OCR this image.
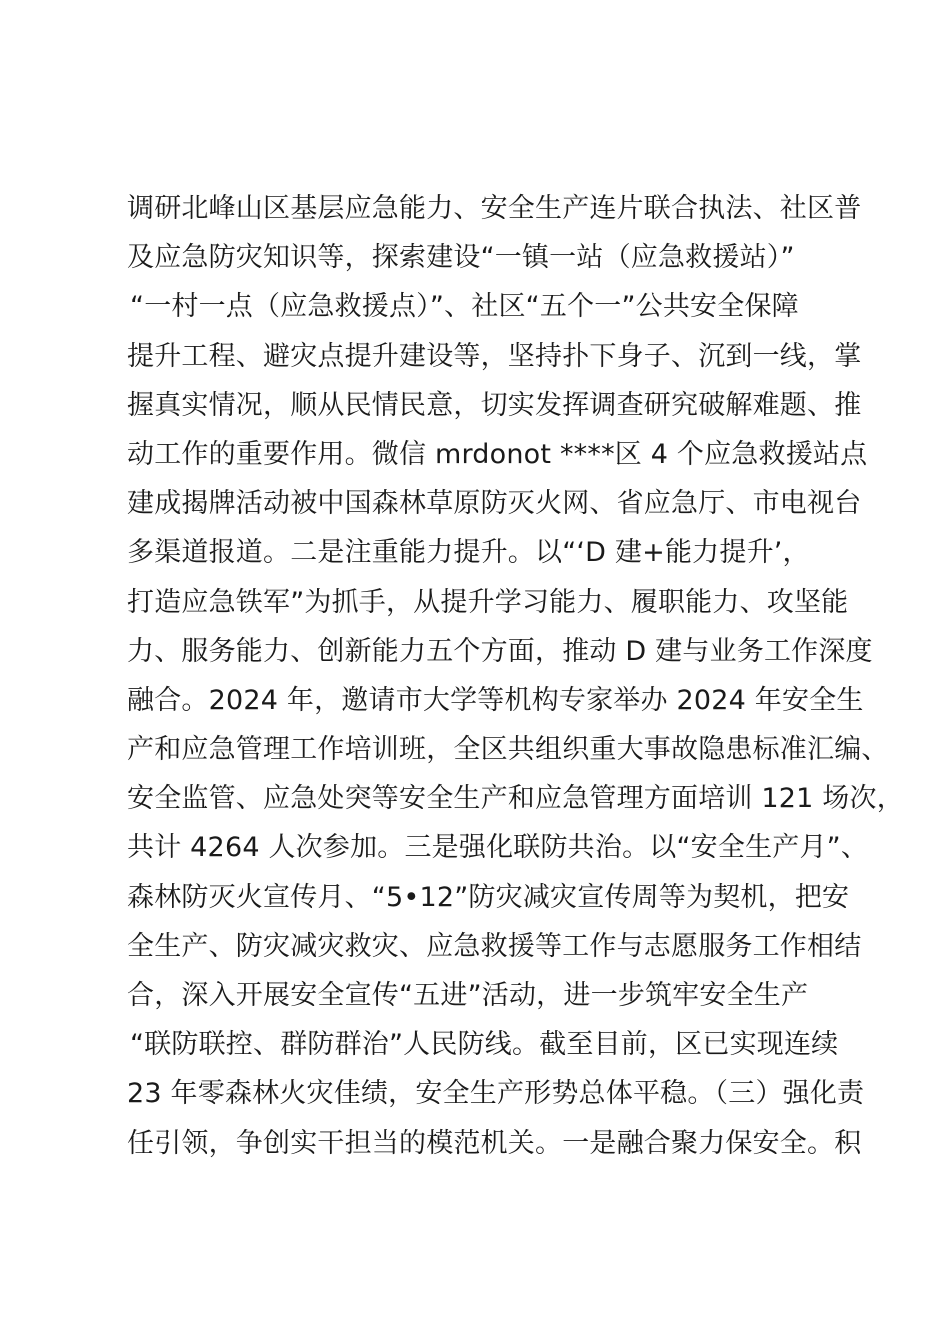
调研北峰山区基层应急能力、安全生产连片联合执法、社区普
及应急防灾知识等，探索建设“一镇一站（应急救援站）”
“一村一点（应急救援点）”、社区“五个一”公共安全保障
提升工程、避灾点提升建设等，坚持扑下身子、沉到一线，掌
握真实情况，顺从民情民意，切实发挥调查研究破解难题、推
动工作的重要作用。微信 mrdonot ****区 4 个应急救援站点
建成揭牌活动被中国森林草原防灭火网、省应急厅、市电视台
多渠道报道。二是注重能力提升。以“‘D 建+能力提升’，
打造应急铁军”为抓手，从提升学习能力、履职能力、攻坚能
力、服务能力、创新能力五个方面，推动 D 建与业务工作深度
融合。2024 年，邀请市大学等机构专家举办 2024 年安全生
产和应急管理工作培训班，全区共组织重大事故隐患标准汇编、
安全监管、应急处突等安全生产和应急管理方面培训 121 场次，
共计 4264 人次参加。三是强化联防共治。以“安全生产月”、
森林防灭火宣传月、“5•12”防灾减灾宣传周等为契机，把安
全生产、防灾减灾救灾、应急救援等工作与志愿服务工作相结
合，深入开展安全宣传“五进”活动，进一步筑牢安全生产
“联防联控、群防群治”人民防线。截至目前，区已实现连续
23 年零森林火灾佳绩，安全生产形势总体平稳。（三）强化责
任引领，争创实干担当的模范机关。一是融合聚力保安全。积
